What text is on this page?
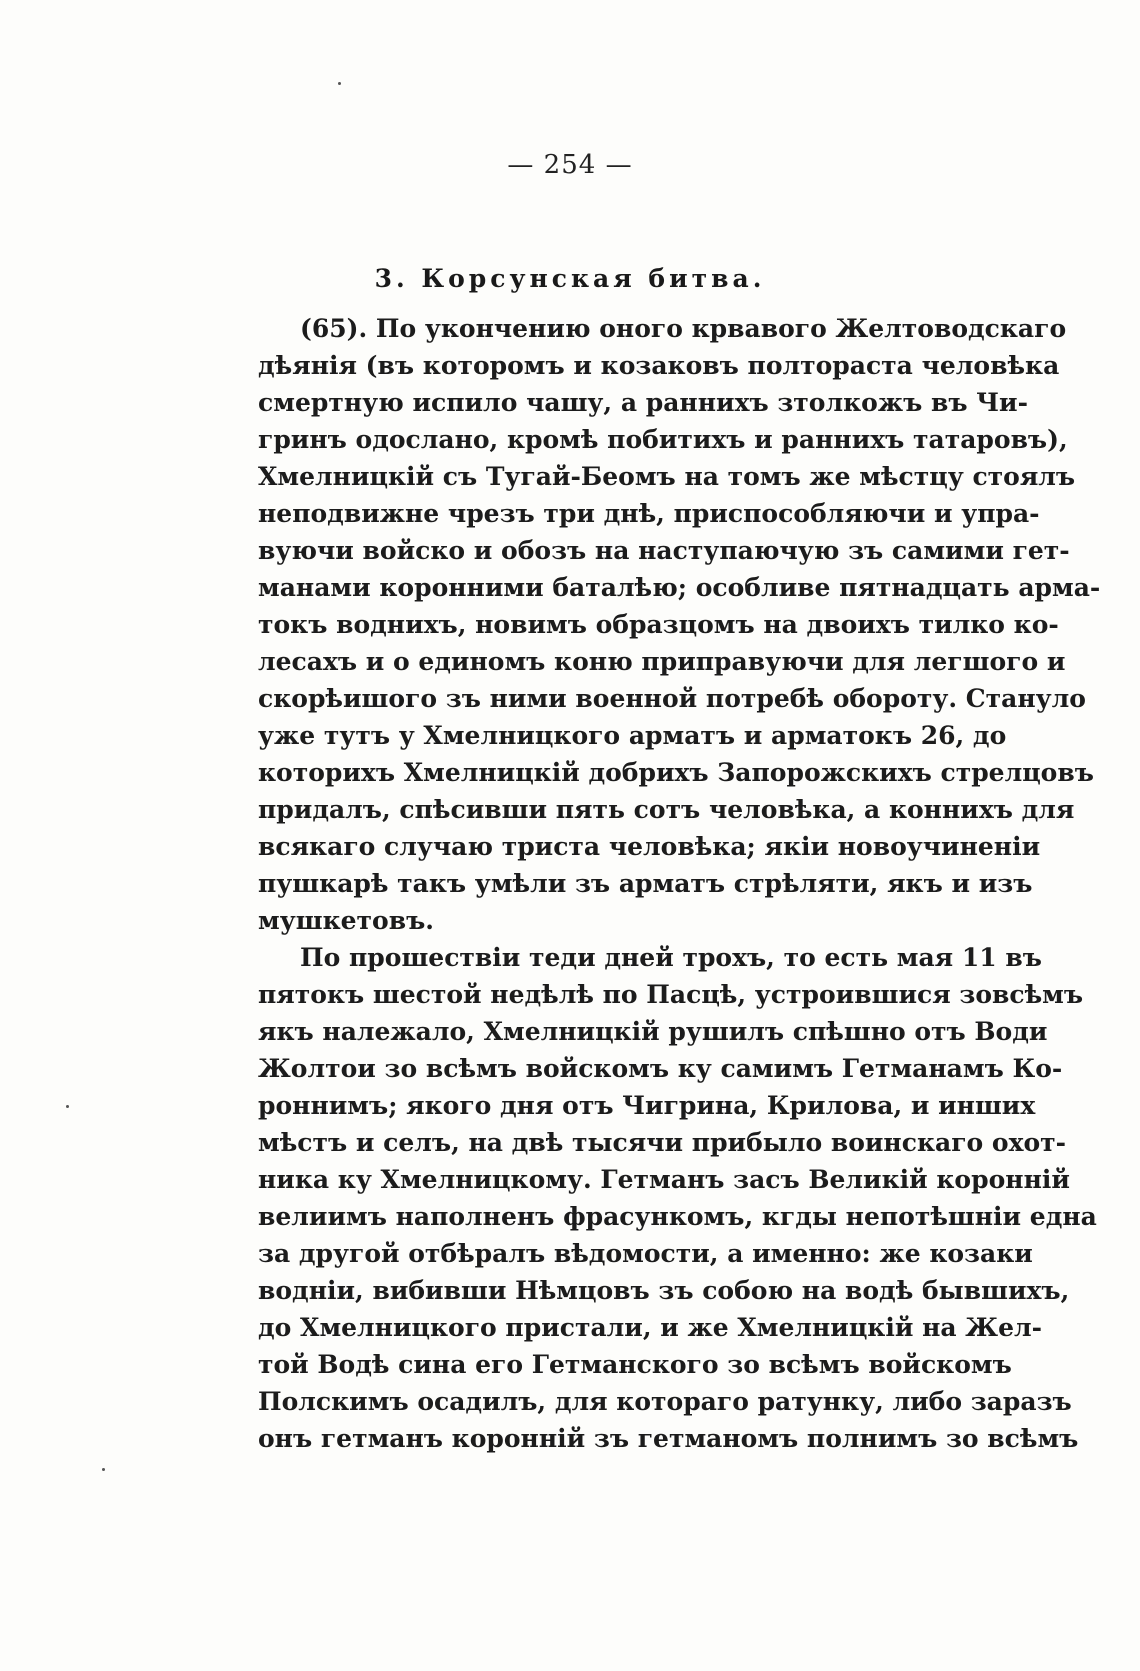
— 254 —
3. Корсунская битва.
(65). По укончению оного крвавого Желтоводскаго
дѣянія (въ которомъ и козаковъ полтораста человѣка
смертную испило чашу, а раннихъ зтолкожъ въ Чи-
гринъ одослано, кромѣ побитихъ и раннихъ татаровъ),
Хмелницкій съ Тугай-Беомъ на томъ же мѣстцу стоялъ
неподвижне чрезъ три днѣ, приспособляючи и упра-
вуючи войско и обозъ на наступаючую зъ самими гет-
манами коронними баталѣю; особливе пятнадцать арма-
токъ воднихъ, новимъ образцомъ на двоихъ тилко ко-
лесахъ и о единомъ коню приправуючи для легшого и
скорѣишого зъ ними военной потребѣ обороту. Стануло
уже тутъ у Хмелницкого арматъ и арматокъ 26, до
которихъ Хмелницкій добрихъ Запорожскихъ стрелцовъ
придалъ, спѣсивши пять сотъ человѣка, а коннихъ для
всякаго случаю триста человѣка; якіи новоучиненіи
пушкарѣ такъ умѣли зъ арматъ стрѣляти, якъ и изъ
мушкетовъ.
По прошествіи теди дней трохъ, то есть мая 11 въ
пятокъ шестой недѣлѣ по Пасцѣ, устроившися зовсѣмъ
якъ належало, Хмелницкій рушилъ спѣшно отъ Води
Жолтои зо всѣмъ войскомъ ку самимъ Гетманамъ Ко-
роннимъ; якого дня отъ Чигрина, Крилова, и инших
мѣстъ и селъ, на двѣ тысячи прибыло воинскаго охот-
ника ку Хмелницкому. Гетманъ засъ Великій коронній
велиимъ наполненъ фрасункомъ, кгды непотѣшніи една
за другой отбѣралъ вѣдомости, а именно: же козаки
водніи, вибивши Нѣмцовъ зъ собою на водѣ бывшихъ,
до Хмелницкого пристали, и же Хмелницкій на Жел-
той Водѣ сина его Гетманского зо всѣмъ войскомъ
Полскимъ осадилъ, для котораго ратунку, либо заразъ
онъ гетманъ коронній зъ гетманомъ полнимъ зо всѣмъ
